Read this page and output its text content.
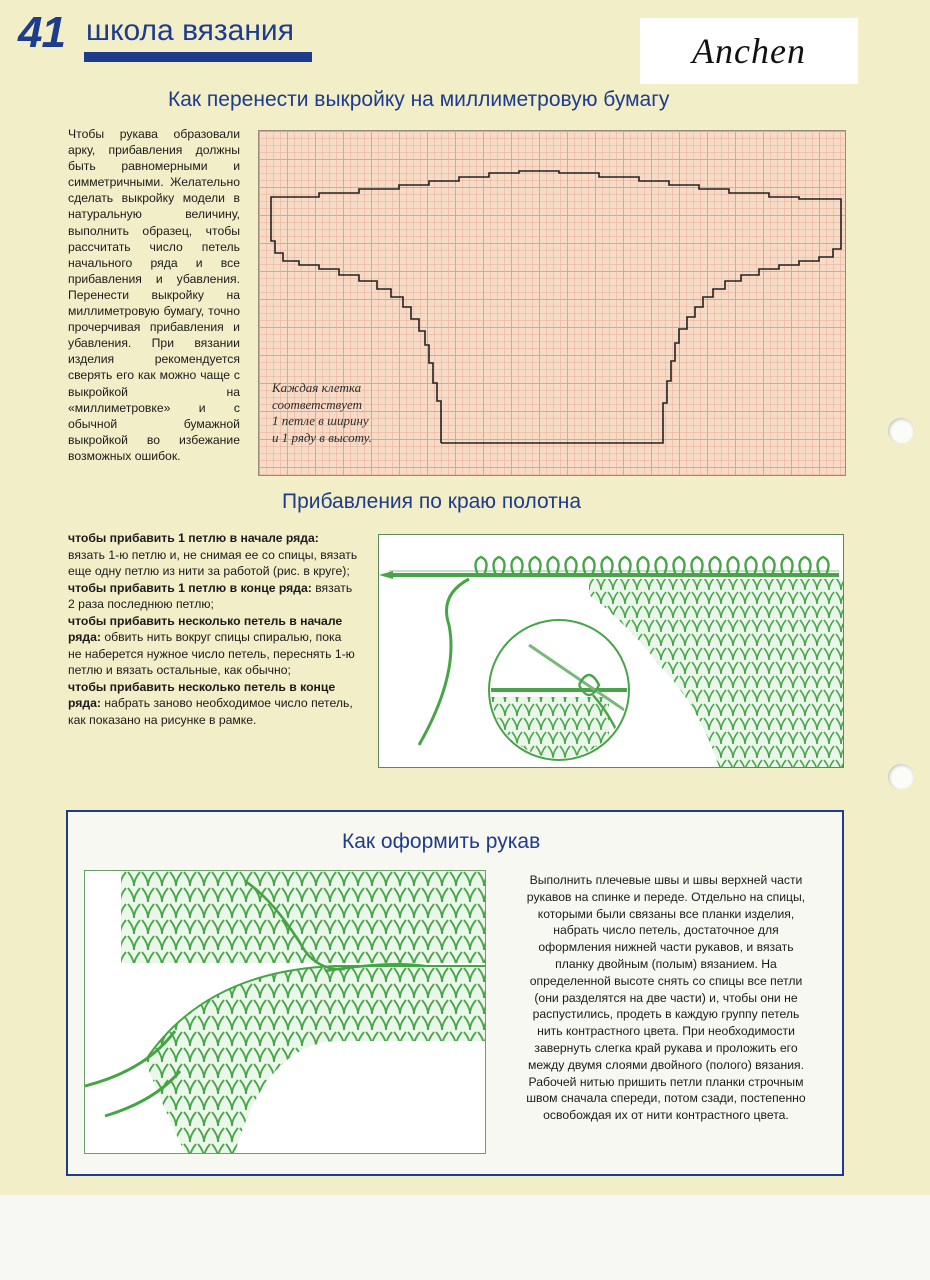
41 школа вязания
Anchen
Как перенести выкройку на миллиметровую бумагу
Чтобы рукава образовали арку, прибавления должны быть равномерными и симметричными. Желательно сделать выкройку модели в натуральную величину, выполнить образец, чтобы рассчитать число петель начального ряда и все прибавления и убавления. Перенести выкройку на миллиметровую бумагу, точно прочерчивая прибавления и убавления. При вязании изделия рекомендуется сверять его как можно чаще с выкройкой на «миллиметровке» и с обычной бумажной выкройкой во избежание возможных ошибок.
Каждая клетка
соответствует
1 петле в ширину
и 1 ряду в высоту.
Прибавления по краю полотна
чтобы прибавить 1 петлю в начале ряда: вязать 1-ю петлю и, не снимая ее со спицы, вязать еще одну петлю из нити за работой (рис. в круге);
чтобы прибавить 1 петлю в конце ряда: вязать 2 раза последнюю петлю;
чтобы прибавить несколько петель в начале ряда: обвить нить вокруг спицы спиралью, пока не наберется нужное число петель, переснять 1-ю петлю и вязать остальные, как обычно;
чтобы прибавить несколько петель в конце ряда: набрать заново необходимое число петель, как показано на рисунке в рамке.
Как оформить рукав
Выполнить плечевые швы и швы верхней части рукавов на спинке и переде. Отдельно на спицы, которыми были связаны все планки изделия, набрать число петель, достаточное для оформления нижней части рукавов, и вязать планку двойным (полым) вязанием. На определенной высоте снять со спицы все петли (они разделятся на две части) и, чтобы они не распустились, продеть в каждую группу петель нить контрастного цвета. При необходимости завернуть слегка край рукава и проложить его между двумя слоями двойного (полого) вязания. Рабочей нитью пришить петли планки строчным швом сначала спереди, потом сзади, постепенно освобождая их от нити контрастного цвета.
